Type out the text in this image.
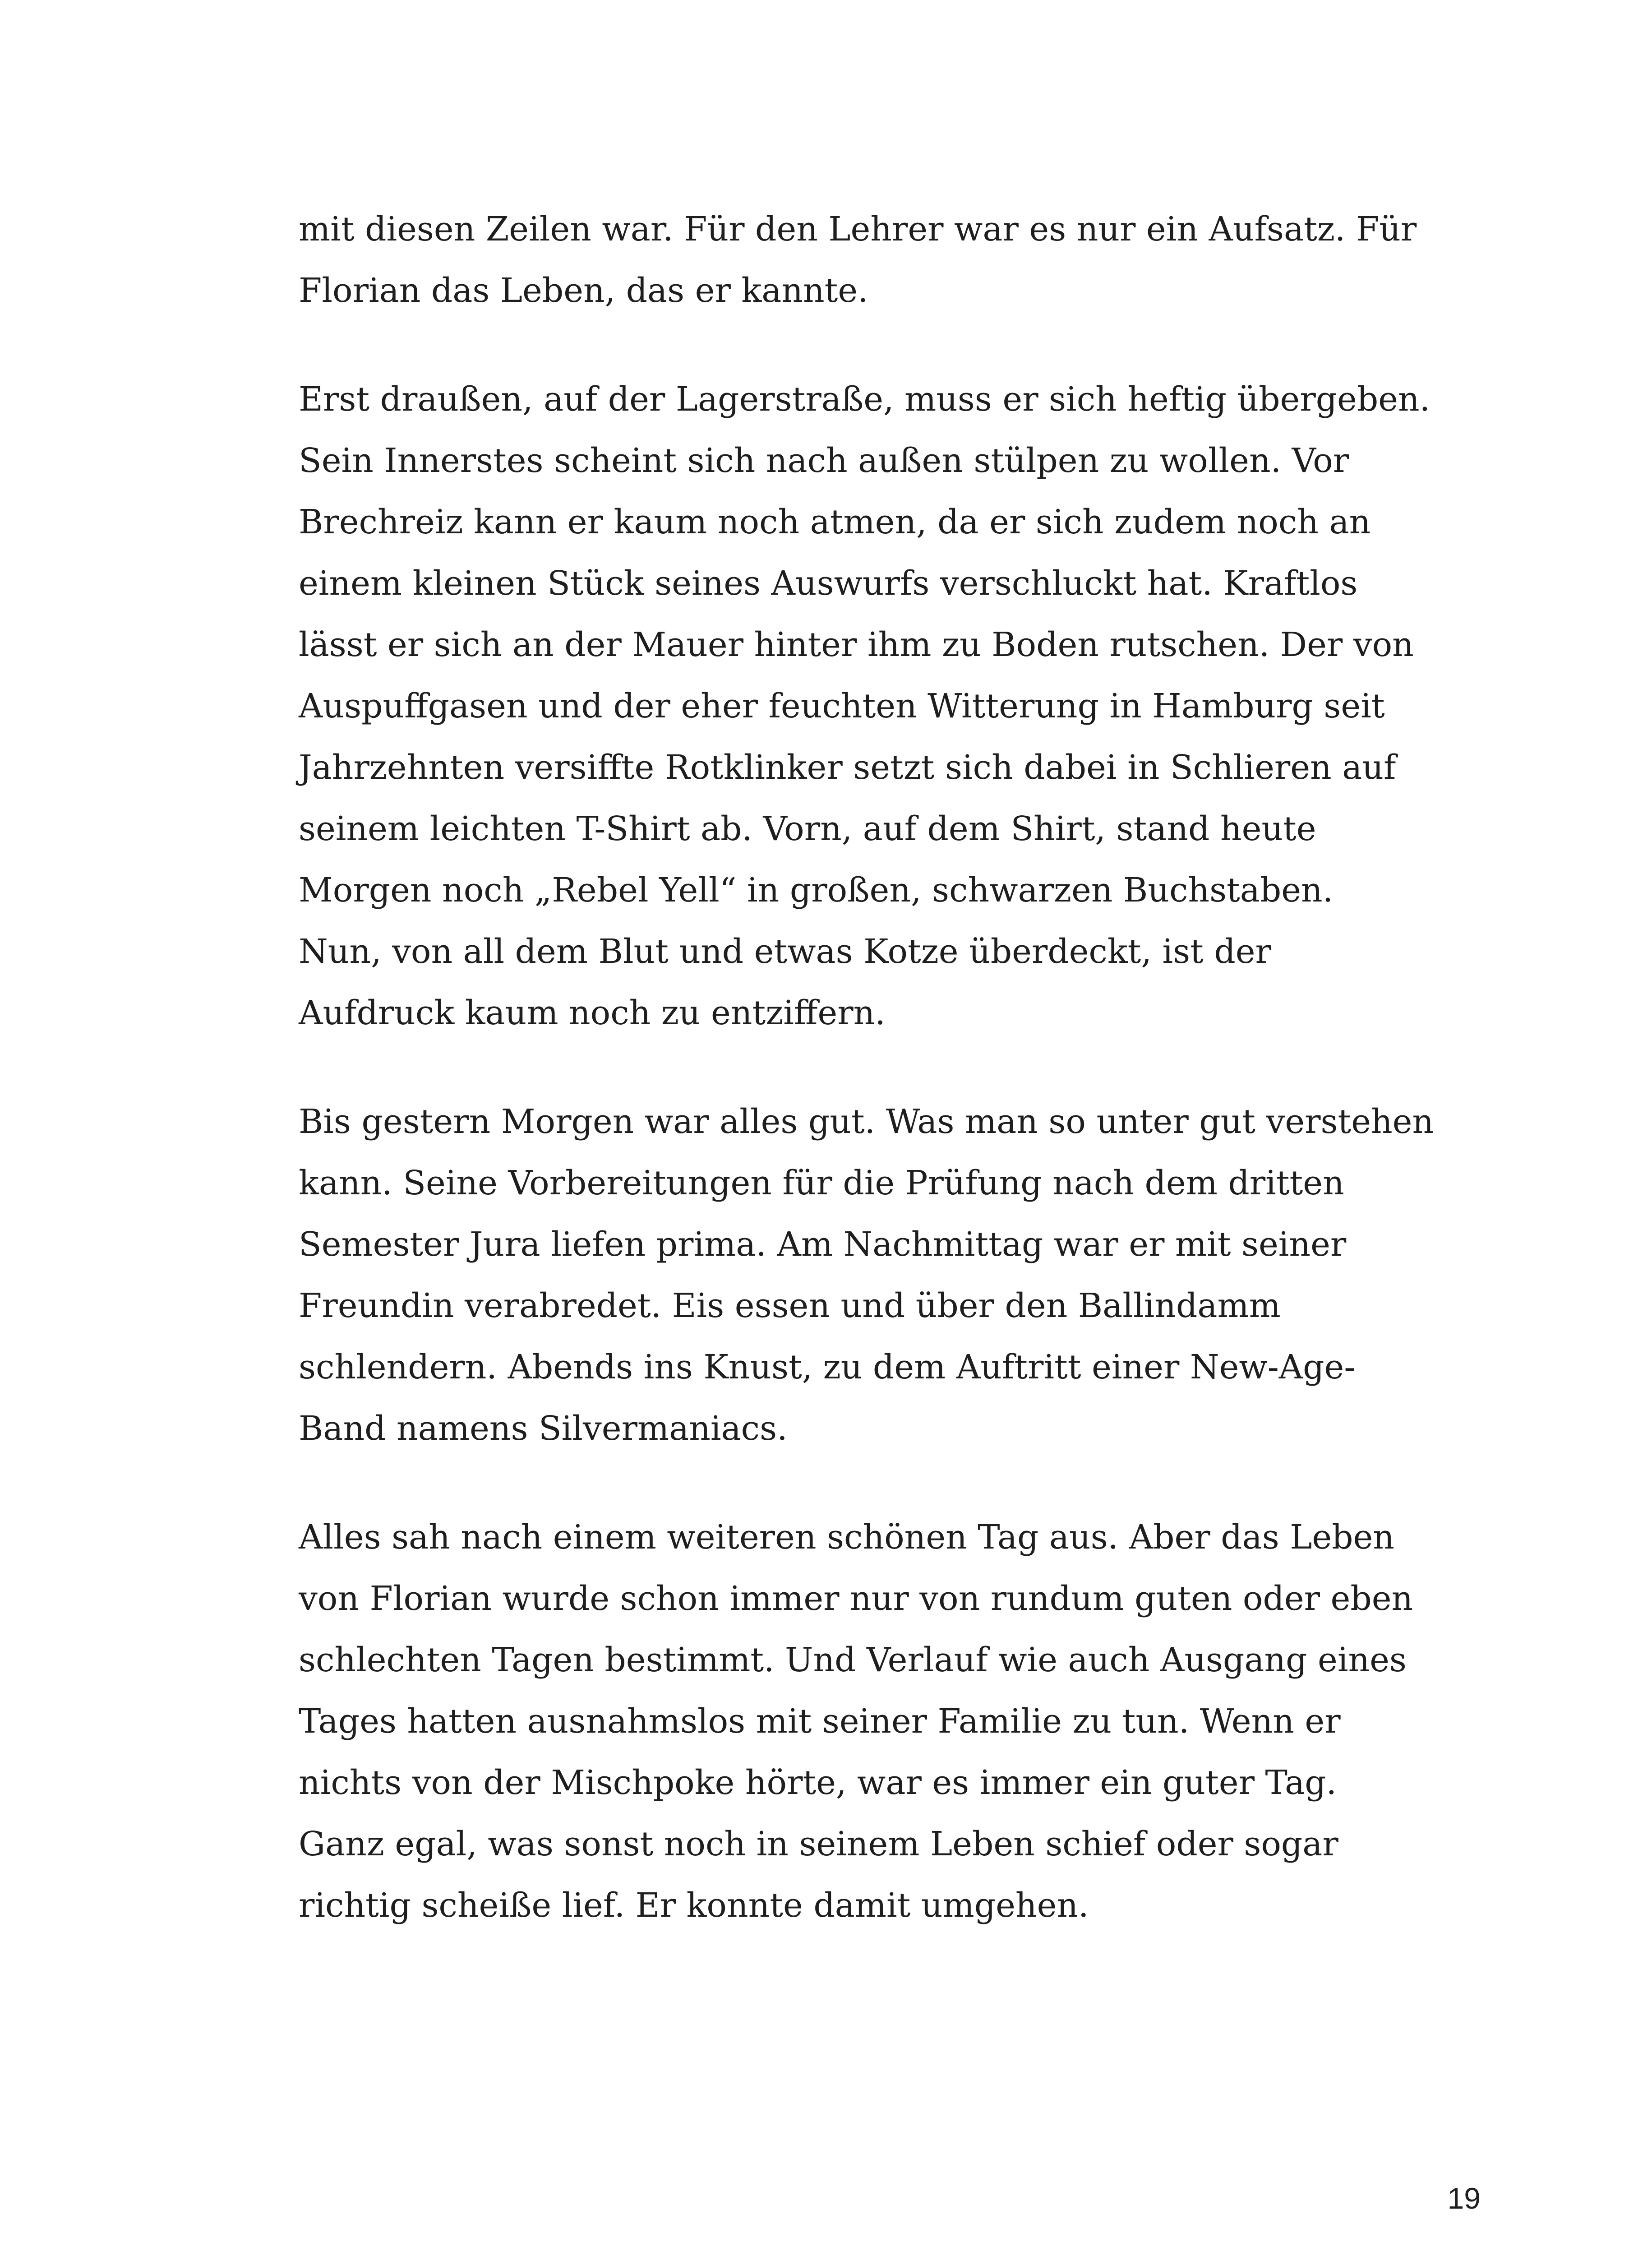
mit diesen Zeilen war. Für den Lehrer war es nur ein Aufsatz. Für
Florian das Leben, das er kannte.

Erst draußen, auf der Lagerstraße, muss er sich heftig übergeben.
Sein Innerstes scheint sich nach außen stülpen zu wollen. Vor
Brechreiz kann er kaum noch atmen, da er sich zudem noch an
einem kleinen Stück seines Auswurfs verschluckt hat. Kraftlos
lässt er sich an der Mauer hinter ihm zu Boden rutschen. Der von
Auspuffgasen und der eher feuchten Witterung in Hamburg seit
Jahrzehnten versiffte Rotklinker setzt sich dabei in Schlieren auf
seinem leichten T-Shirt ab. Vorn, auf dem Shirt, stand heute
Morgen noch „Rebel Yell“ in großen, schwarzen Buchstaben.
Nun, von all dem Blut und etwas Kotze überdeckt, ist der
Aufdruck kaum noch zu entziffern.

Bis gestern Morgen war alles gut. Was man so unter gut verstehen
kann. Seine Vorbereitungen für die Prüfung nach dem dritten
Semester Jura liefen prima. Am Nachmittag war er mit seiner
Freundin verabredet. Eis essen und über den Ballindamm
schlendern. Abends ins Knust, zu dem Auftritt einer New-Age-
Band namens Silvermaniacs.

Alles sah nach einem weiteren schönen Tag aus. Aber das Leben
von Florian wurde schon immer nur von rundum guten oder eben
schlechten Tagen bestimmt. Und Verlauf wie auch Ausgang eines
Tages hatten ausnahmslos mit seiner Familie zu tun. Wenn er
nichts von der Mischpoke hörte, war es immer ein guter Tag.
Ganz egal, was sonst noch in seinem Leben schief oder sogar
richtig scheiße lief. Er konnte damit umgehen.

19
